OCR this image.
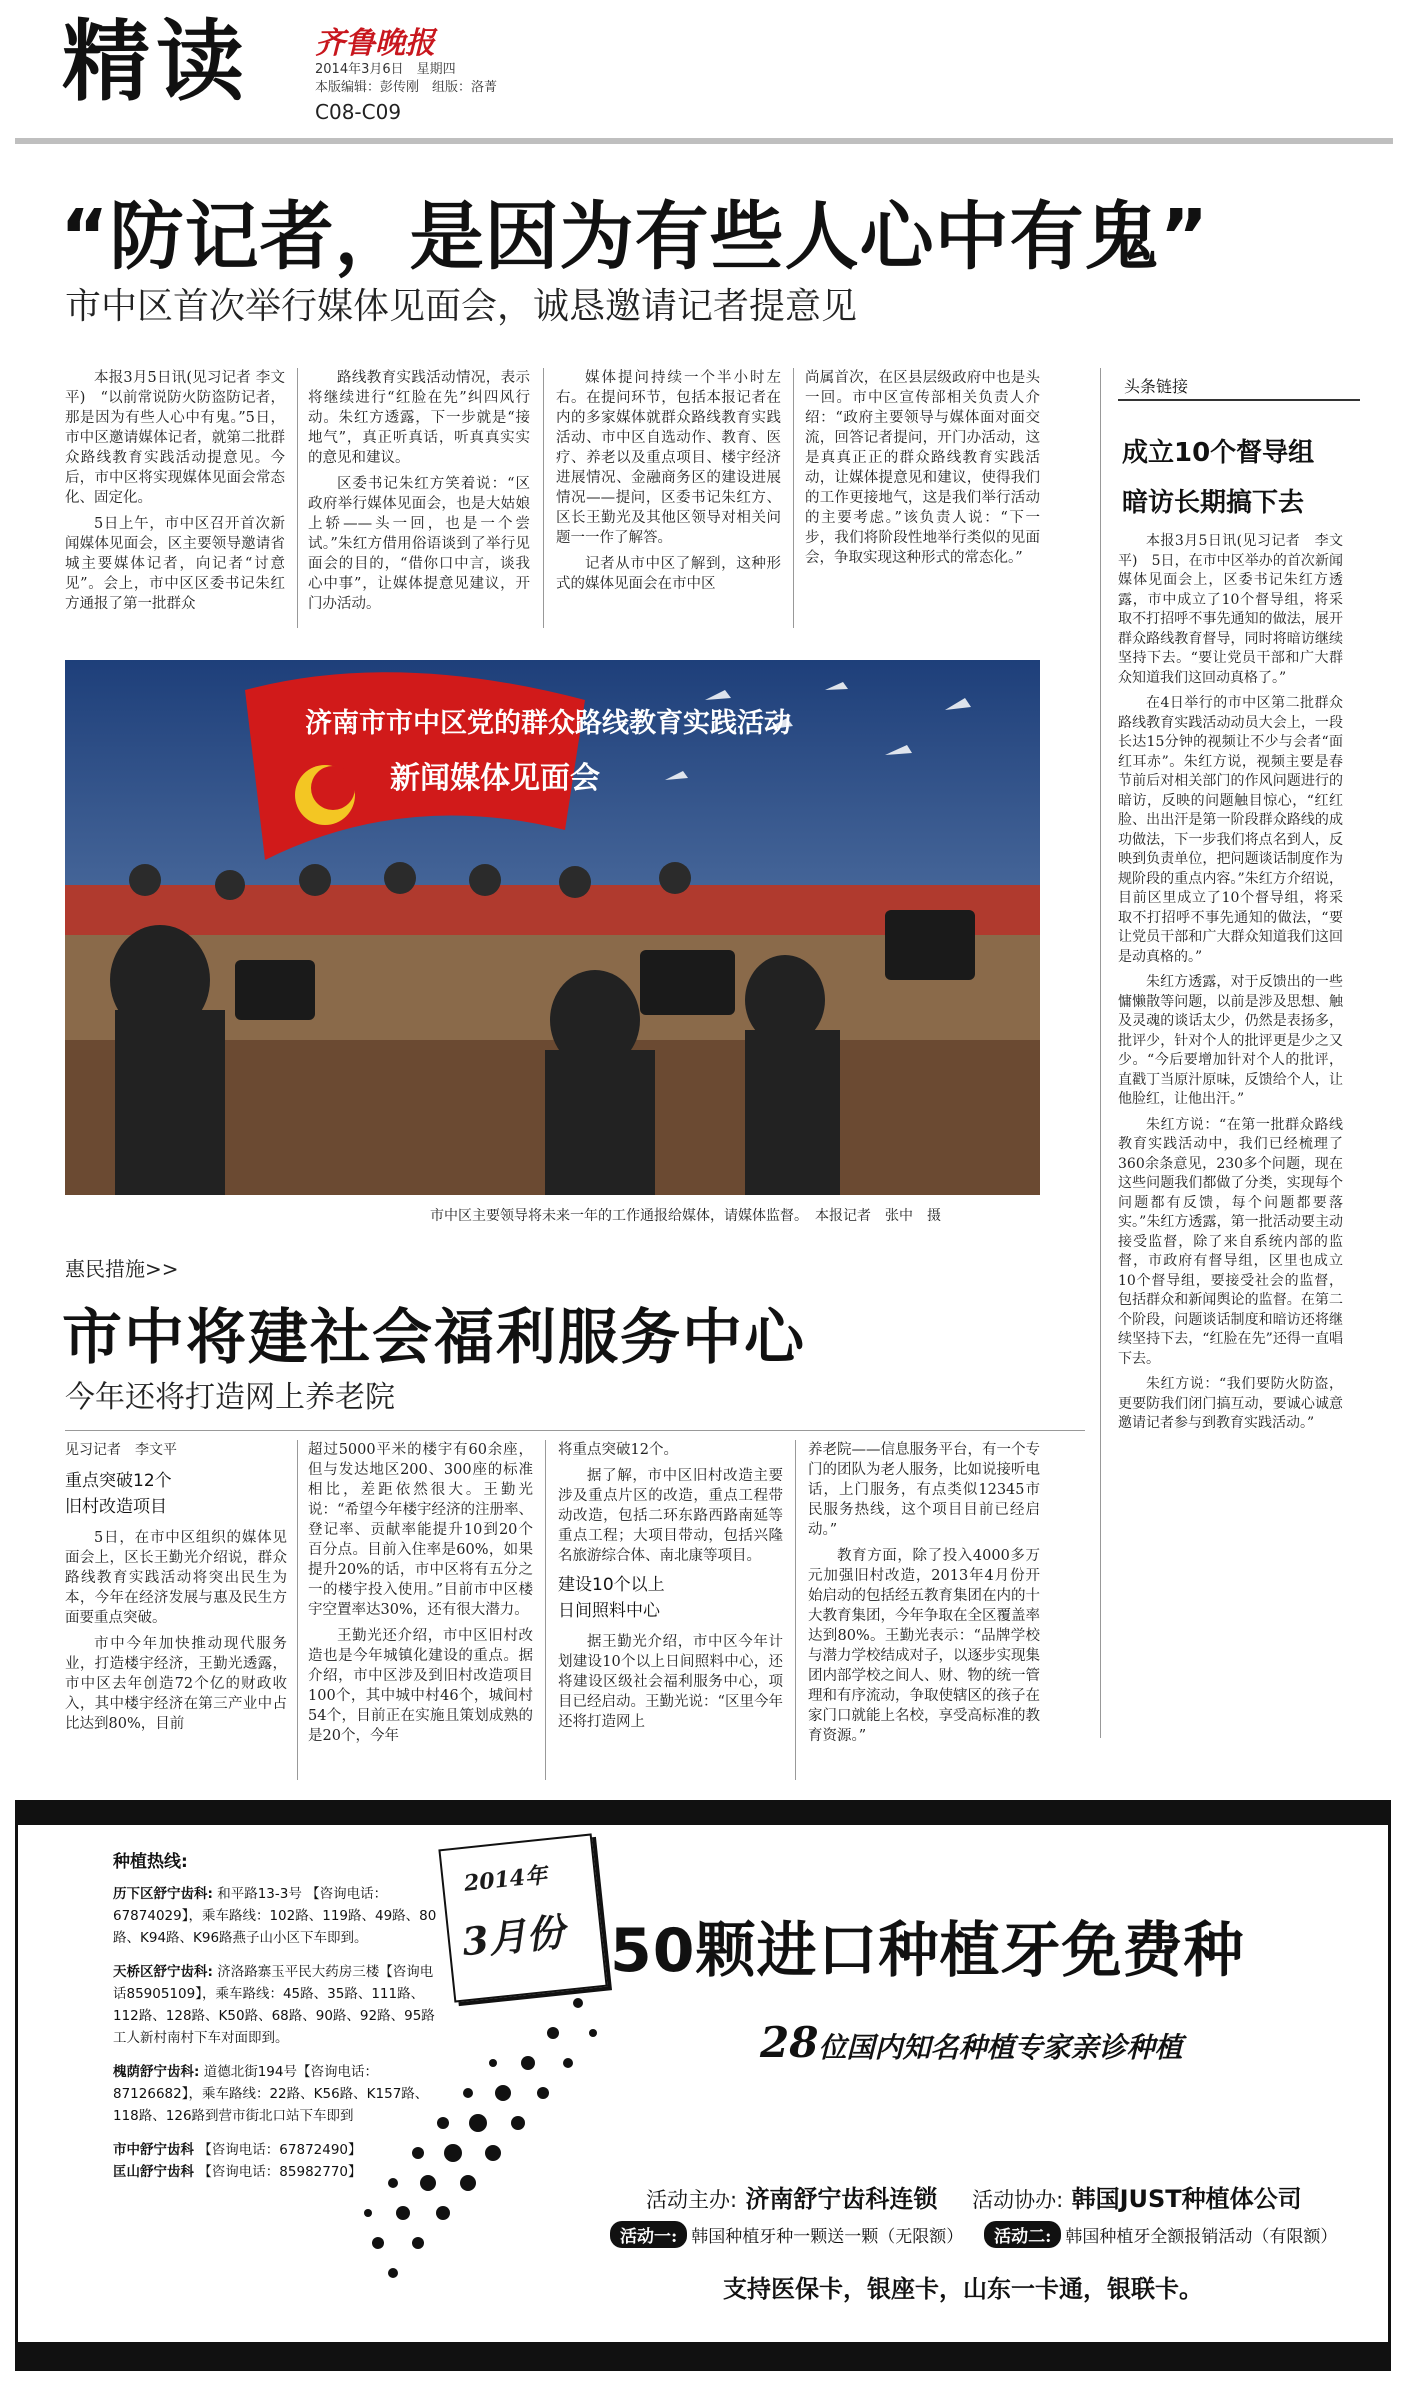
精读 齐鲁晚报
2014年3月6日　星期四
本版编辑：彭传刚　组版：洛菁
C08-C09
“防记者，是因为有些人心中有鬼”
市中区首次举行媒体见面会，诚恳邀请记者提意见

本报3月5日讯(见习记者 李文平)　“以前常说防火防盗防记者，那是因为有些人心中有鬼。”5日，市中区邀请媒体记者，就第二批群众路线教育实践活动提意见。今后，市中区将实现媒体见面会常态化、固定化。

5日上午，市中区召开首次新闻媒体见面会，区主要领导邀请省城主要媒体记者，向记者“讨意见”。会上，市中区区委书记朱红方通报了第一批群众

路线教育实践活动情况，表示将继续进行“红脸在先”纠四风行动。朱红方透露，下一步就是“接地气”，真正听真话，听真真实实的意见和建议。

区委书记朱红方笑着说：“区政府举行媒体见面会，也是大姑娘上轿——头一回，也是一个尝试。”朱红方借用俗语谈到了举行见面会的目的，“借你口中言，谈我心中事”，让媒体提意见建议，开门办活动。

媒体提问持续一个半小时左右。在提问环节，包括本报记者在内的多家媒体就群众路线教育实践活动、市中区自选动作、教育、医疗、养老以及重点项目、楼宇经济进展情况、金融商务区的建设进展情况——提问，区委书记朱红方、区长王勤光及其他区领导对相关问题一一作了解答。

记者从市中区了解到，这种形式的媒体见面会在市中区

尚属首次，在区县层级政府中也是头一回。市中区宣传部相关负责人介绍：“政府主要领导与媒体面对面交流，回答记者提问，开门办活动，这是真真正正的群众路线教育实践活动，让媒体提意见和建议，使得我们的工作更接地气，这是我们举行活动的主要考虑。”该负责人说：“下一步，我们将阶段性地举行类似的见面会，争取实现这种形式的常态化。”

头条链接
成立10个督导组
暗访长期搞下去

本报3月5日讯(见习记者　李文平)　5日，在市中区举办的首次新闻媒体见面会上，区委书记朱红方透露，市中成立了10个督导组，将采取不打招呼不事先通知的做法，展开群众路线教育督导，同时将暗访继续坚持下去。“要让党员干部和广大群众知道我们这回动真格了。”

在4日举行的市中区第二批群众路线教育实践活动动员大会上，一段长达15分钟的视频让不少与会者“面红耳赤”。朱红方说，视频主要是春节前后对相关部门的作风问题进行的暗访，反映的问题触目惊心，“红红脸、出出汗是第一阶段群众路线的成功做法，下一步我们将点名到人，反映到负责单位，把问题谈话制度作为规阶段的重点内容。”朱红方介绍说，目前区里成立了10个督导组，将采取不打招呼不事先通知的做法，“要让党员干部和广大群众知道我们这回是动真格的。”

朱红方透露，对于反馈出的一些慵懒散等问题，以前是涉及思想、触及灵魂的谈话太少，仍然是表扬多，批评少，针对个人的批评更是少之又少。“今后要增加针对个人的批评，直戳丁当原汁原味，反馈给个人，让他脸红，让他出汗。”

朱红方说：“在第一批群众路线教育实践活动中，我们已经梳理了360余条意见，230多个问题，现在这些问题我们都做了分类，实现每个问题都有反馈，每个问题都要落实。”朱红方透露，第一批活动要主动接受监督，除了来自系统内部的监督，市政府有督导组，区里也成立10个督导组，要接受社会的监督，包括群众和新闻舆论的监督。在第二个阶段，问题谈话制度和暗访还将继续坚持下去，“红脸在先”还得一直唱下去。

朱红方说：“我们要防火防盗，更要防我们闭门搞互动，要诚心诚意邀请记者参与到教育实践活动。”

济南市市中区党的群众路线教育实践活动
新闻媒体见面会
市中区主要领导将未来一年的工作通报给媒体，请媒体监督。　本报记者　张中　摄
惠民措施>>
市中将建社会福利服务中心
今年还将打造网上养老院
见习记者　李文平
重点突破12个
旧村改造项目

5日，在市中区组织的媒体见面会上，区长王勤光介绍说，群众路线教育实践活动将突出民生为本，今年在经济发展与惠及民生方面要重点突破。

市中今年加快推动现代服务业，打造楼宇经济，王勤光透露，市中区去年创造72个亿的财政收入，其中楼宇经济在第三产业中占比达到80%，目前

超过5000平米的楼宇有60余座，但与发达地区200、300座的标准相比，差距依然很大。王勤光说：“希望今年楼宇经济的注册率、登记率、贡献率能提升10到20个百分点。目前入住率是60%，如果提升20%的话，市中区将有五分之一的楼宇投入使用。”目前市中区楼宇空置率达30%，还有很大潜力。

王勤光还介绍，市中区旧村改造也是今年城镇化建设的重点。据介绍，市中区涉及到旧村改造项目100个，其中城中村46个，城间村54个，目前正在实施且策划成熟的是20个，今年

将重点突破12个。

据了解，市中区旧村改造主要涉及重点片区的改造，重点工程带动改造，包括二环东路西路南延等重点工程；大项目带动，包括兴隆名旅游综合体、南北康等项目。

建设10个以上
日间照料中心

据王勤光介绍，市中区今年计划建设10个以上日间照料中心，还将建设区级社会福利服务中心，项目已经启动。王勤光说：“区里今年还将打造网上

养老院——信息服务平台，有一个专门的团队为老人服务，比如说接听电话，上门服务，有点类似12345市民服务热线，这个项目目前已经启动。”

教育方面，除了投入4000多万元加强旧村改造，2013年4月份开始启动的包括经五教育集团在内的十大教育集团，今年争取在全区覆盖率达到80%。王勤光表示：“品牌学校与潜力学校结成对子，以逐步实现集团内部学校之间人、财、物的统一管理和有序流动，争取使辖区的孩子在家门口就能上名校，享受高标准的教育资源。”

种植热线:
历下区舒宁齿科: 和平路13-3号 【咨询电话：67874029】，乘车路线：102路、119路、49路、80路、K94路、K96路燕子山小区下车即到。
天桥区舒宁齿科: 济洛路寨玉平民大药房三楼【咨询电话85905109】，乘车路线：45路、35路、111路、112路、128路、K50路、68路、90路、92路、95路工人新村南村下车对面即到。
槐荫舒宁齿科: 道德北街194号【咨询电话：87126682】，乘车路线：22路、K56路、K157路、118路、126路到营市街北口站下车即到
市中舒宁齿科 【咨询电话：67872490】
匡山舒宁齿科 【咨询电话：85982770】
2014年
3月份 50颗进口种植牙免费种
28位国内知名种植专家亲诊种植
活动主办: 济南舒宁齿科连锁 活动协办: 韩国JUST种植体公司
活动一: 韩国种植牙种一颗送一颗（无限额） 活动二: 韩国种植牙全额报销活动（有限额）
支持医保卡，银座卡，山东一卡通，银联卡。
